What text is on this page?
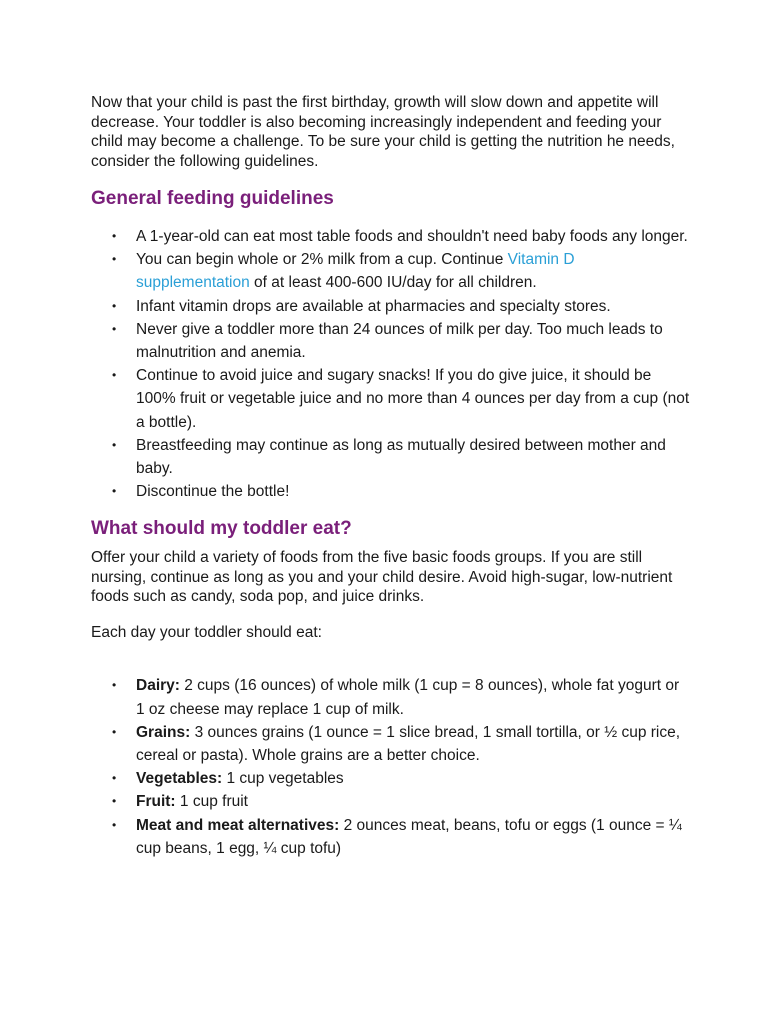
Now that your child is past the first birthday, growth will slow down and appetite will decrease. Your toddler is also becoming increasingly independent and feeding your child may become a challenge. To be sure your child is getting the nutrition he needs, consider the following guidelines.

General feeding guidelines
• A 1-year-old can eat most table foods and shouldn't need baby foods any longer.
• You can begin whole or 2% milk from a cup. Continue Vitamin D supplementation of at least 400-600 IU/day for all children.
• Infant vitamin drops are available at pharmacies and specialty stores.
• Never give a toddler more than 24 ounces of milk per day. Too much leads to malnutrition and anemia.
• Continue to avoid juice and sugary snacks! If you do give juice, it should be 100% fruit or vegetable juice and no more than 4 ounces per day from a cup (not a bottle).
• Breastfeeding may continue as long as mutually desired between mother and baby.
• Discontinue the bottle!
What should my toddler eat?

Offer your child a variety of foods from the five basic foods groups. If you are still nursing, continue as long as you and your child desire. Avoid high-sugar, low-nutrient foods such as candy, soda pop, and juice drinks.

Each day your toddler should eat:

• Dairy: 2 cups (16 ounces) of whole milk (1 cup = 8 ounces), whole fat yogurt or 1 oz cheese may replace 1 cup of milk.
• Grains: 3 ounces grains (1 ounce = 1 slice bread, 1 small tortilla, or ½ cup rice, cereal or pasta). Whole grains are a better choice.
• Vegetables: 1 cup vegetables
• Fruit: 1 cup fruit
• Meat and meat alternatives: 2 ounces meat, beans, tofu or eggs (1 ounce = ¼ cup beans, 1 egg, ¼ cup tofu)
